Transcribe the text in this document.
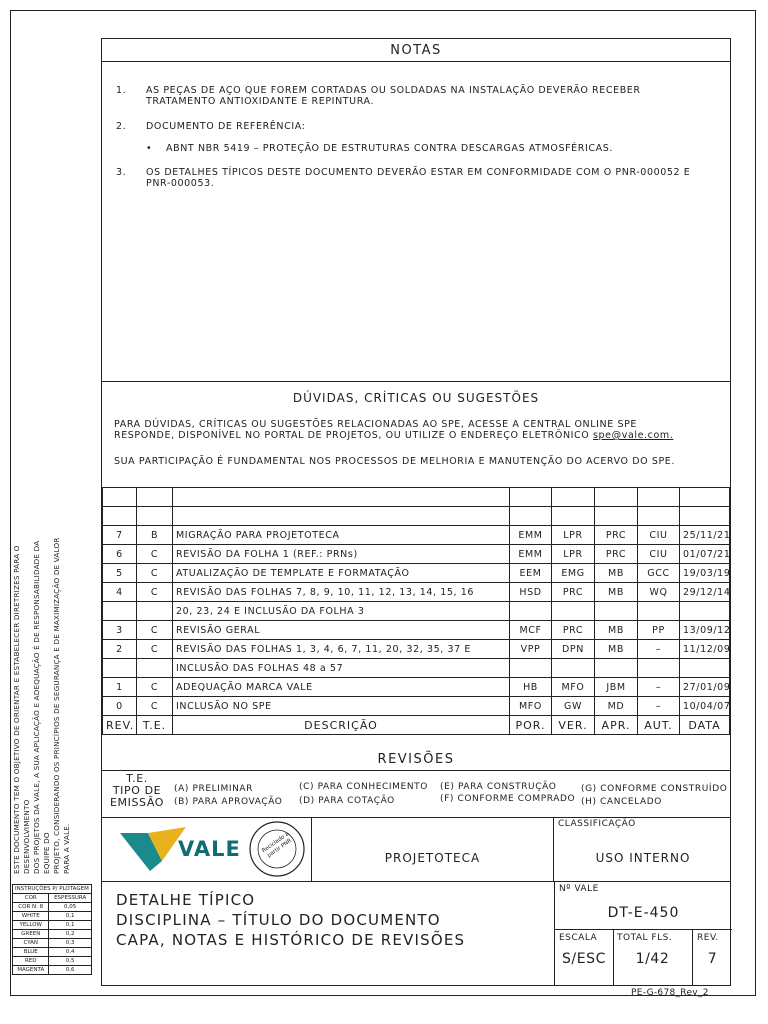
NOTAS
1. AS PEÇAS DE AÇO QUE FOREM CORTADAS OU SOLDADAS NA INSTALAÇÃO DEVERÃO RECEBER
TRATAMENTO ANTIOXIDANTE E REPINTURA.
2. DOCUMENTO DE REFERÊNCIA:
• ABNT NBR 5419 – PROTEÇÃO DE ESTRUTURAS CONTRA DESCARGAS ATMOSFÉRICAS.
3. OS DETALHES TÍPICOS DESTE DOCUMENTO DEVERÃO ESTAR EM CONFORMIDADE COM O PNR-000052 E
PNR-000053.
DÚVIDAS, CRÍTICAS OU SUGESTÕES
PARA DÚVIDAS, CRÍTICAS OU SUGESTÕES RELACIONADAS AO SPE, ACESSE A CENTRAL ONLINE SPE
RESPONDE, DISPONÍVEL NO PORTAL DE PROJETOS, OU UTILIZE O ENDEREÇO ELETRÔNICO spe@vale.com.
SUA PARTICIPAÇÃO É FUNDAMENTAL NOS PROCESSOS DE MELHORIA E MANUTENÇÃO DO ACERVO DO SPE.

7	B	MIGRAÇÃO PARA PROJETOTECA	EMM	LPR	PRC	CIU	25/11/21
6	C	REVISÃO DA FOLHA 1 (REF.: PRNs)	EMM	LPR	PRC	CIU	01/07/21
5	C	ATUALIZAÇÃO DE TEMPLATE E FORMATAÇÃO	EEM	EMG	MB	GCC	19/03/19
4	C	REVISÃO DAS FOLHAS 7, 8, 9, 10, 11, 12, 13, 14, 15, 16	HSD	PRC	MB	WQ	29/12/14
		20, 23, 24 E INCLUSÃO DA FOLHA 3					
3	C	REVISÃO GERAL	MCF	PRC	MB	PP	13/09/12
2	C	REVISÃO DAS FOLHAS 1, 3, 4, 6, 7, 11, 20, 32, 35, 37 E	VPP	DPN	MB	–	11/12/09
		INCLUSÃO DAS FOLHAS 48 a 57					
1	C	ADEQUAÇÃO MARCA VALE	HB	MFO	JBM	–	27/01/09
0	C	INCLUSÃO NO SPE	MFO	GW	MD	–	10/04/07
REV.	T.E.	DESCRIÇÃO	POR.	VER.	APR.	AUT.	DATA
REVISÕES
T.E.
TIPO DE
EMISSÃO
(A) PRELIMINAR
(B) PARA APROVAÇÃO
(C) PARA CONHECIMENTO
(D) PARA COTAÇÃO
(E) PARA CONSTRUÇÃO
(F) CONFORME COMPRADO
(G) CONFORME CONSTRUÍDO
(H) CANCELADO
VALE	Reciclado a partir PNR	PROJETOTECA
CLASSIFICAÇÃO
USO INTERNO
DETALHE TÍPICO
DISCIPLINA – TÍTULO DO DOCUMENTO
CAPA, NOTAS E HISTÓRICO DE REVISÕES
Nº VALE
DT-E-450
ESCALA
S/ESC
TOTAL FLS.
1/42
REV.
7
ESTE DOCUMENTO TEM O OBJETIVO DE ORIENTAR E ESTABELECER DIRETRIZES PARA O DESENVOLVIMENTO DOS PROJETOS DA VALE, A SUA APLICAÇÃO E ADEQUAÇÃO É DE RESPONSABILIDADE DA EQUIPE DO PROJETO, CONSIDERANDO OS PRINCÍPIOS DE SEGURANÇA E DE MAXIMIZAÇÃO DE VALOR PARA A VALE.
INSTRUÇÕES P/ PLOTAGEM	
COR	ESPESSURA
COR N. 8	0,05
WHITE	0,1
YELLOW	0,1
GREEN	0,2
CYAN	0,3
BLUE	0,4
RED	0,5
MAGENTA	0,6
PE-G-678_Rev_2
